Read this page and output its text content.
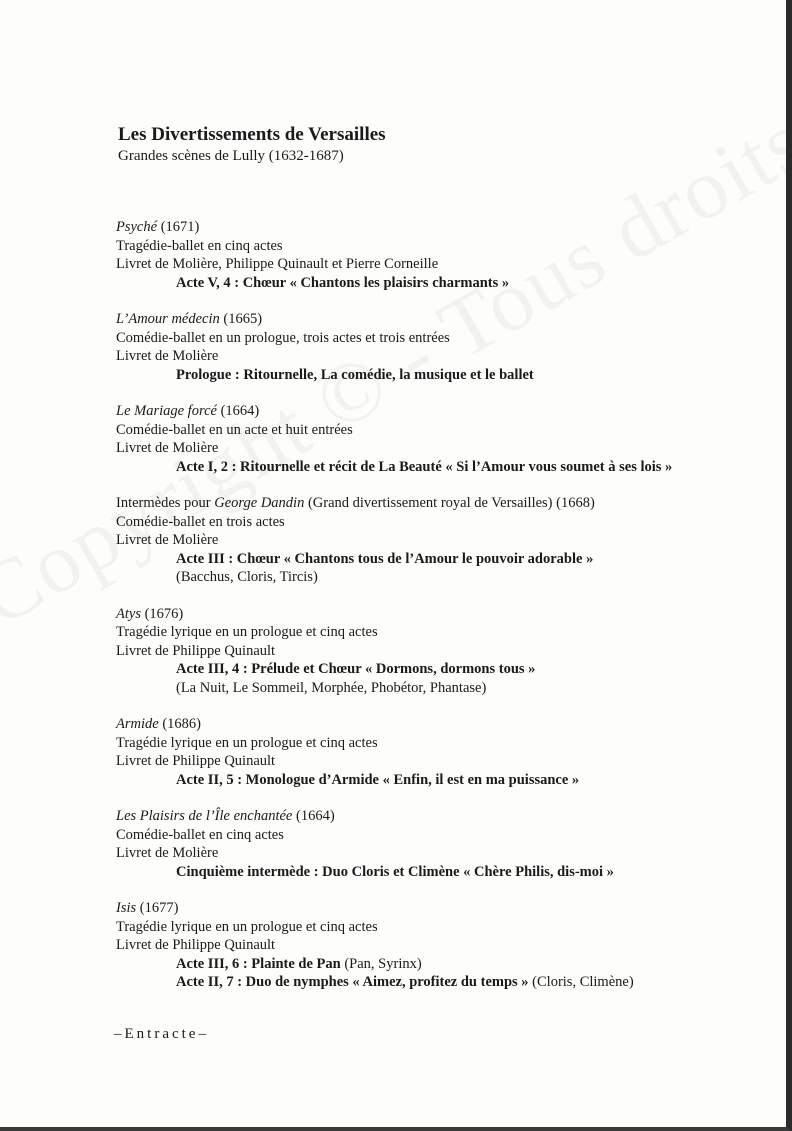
Les Divertissements de Versailles
Grandes scènes de Lully (1632-1687)
Psyché (1671)
Tragédie-ballet en cinq actes
Livret de Molière, Philippe Quinault et Pierre Corneille
Acte V, 4 : Chœur « Chantons les plaisirs charmants »
L’Amour médecin (1665)
Comédie-ballet en un prologue, trois actes et trois entrées
Livret de Molière
Prologue : Ritournelle, La comédie, la musique et le ballet
Le Mariage forcé (1664)
Comédie-ballet en un acte et huit entrées
Livret de Molière
Acte I, 2 : Ritournelle et récit de La Beauté « Si l’Amour vous soumet à ses lois »
Intermèdes pour George Dandin (Grand divertissement royal de Versailles) (1668)
Comédie-ballet en trois actes
Livret de Molière
Acte III : Chœur « Chantons tous de l’Amour le pouvoir adorable »
(Bacchus, Cloris, Tircis)
Atys (1676)
Tragédie lyrique en un prologue et cinq actes
Livret de Philippe Quinault
Acte III, 4 : Prélude et Chœur « Dormons, dormons tous »
(La Nuit, Le Sommeil, Morphée, Phobétor, Phantase)
Armide (1686)
Tragédie lyrique en un prologue et cinq actes
Livret de Philippe Quinault
Acte II, 5 : Monologue d’Armide « Enfin, il est en ma puissance »
Les Plaisirs de l’Île enchantée (1664)
Comédie-ballet en cinq actes
Livret de Molière
Cinquième intermède : Duo Cloris et Climène « Chère Philis, dis-moi »
Isis (1677)
Tragédie lyrique en un prologue et cinq actes
Livret de Philippe Quinault
Acte III, 6 : Plainte de Pan (Pan, Syrinx)
Acte II, 7 : Duo de nymphes « Aimez, profitez du temps » (Cloris, Climène)
–Entracte–
